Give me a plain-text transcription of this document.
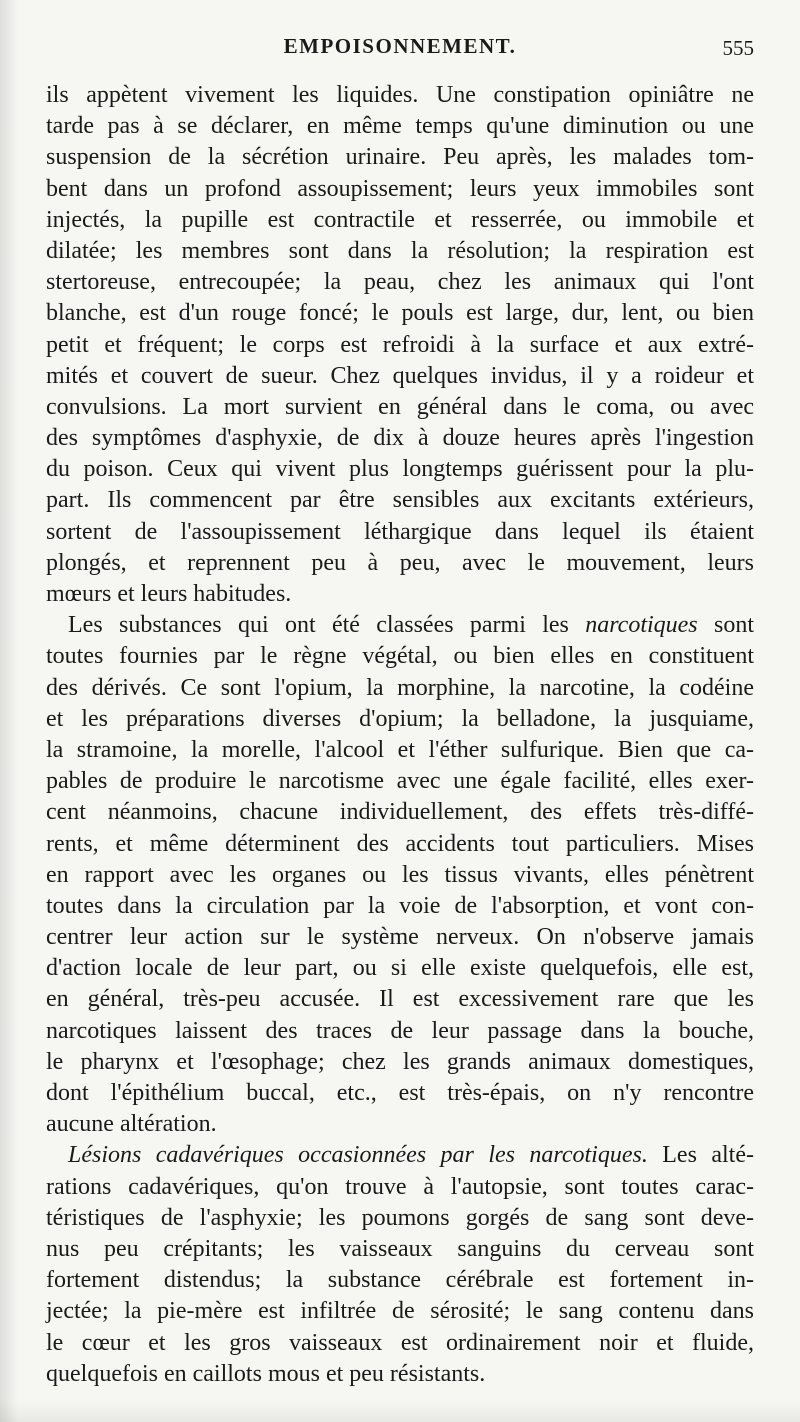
EMPOISONNEMENT.	555
ils appètent vivement les liquides. Une constipation opiniâtre ne
tarde pas à se déclarer, en même temps qu'une diminution ou une
suspension de la sécrétion urinaire. Peu après, les malades tom-
bent dans un profond assoupissement; leurs yeux immobiles sont
injectés, la pupille est contractile et resserrée, ou immobile et
dilatée; les membres sont dans la résolution; la respiration est
stertoreuse, entrecoupée; la peau, chez les animaux qui l'ont
blanche, est d'un rouge foncé; le pouls est large, dur, lent, ou bien
petit et fréquent; le corps est refroidi à la surface et aux extré-
mités et couvert de sueur. Chez quelques invidus, il y a roideur et
convulsions. La mort survient en général dans le coma, ou avec
des symptômes d'asphyxie, de dix à douze heures après l'ingestion
du poison. Ceux qui vivent plus longtemps guérissent pour la plu-
part. Ils commencent par être sensibles aux excitants extérieurs,
sortent de l'assoupissement léthargique dans lequel ils étaient
plongés, et reprennent peu à peu, avec le mouvement, leurs
mœurs et leurs habitudes.
Les substances qui ont été classées parmi les narcotiques sont
toutes fournies par le règne végétal, ou bien elles en constituent
des dérivés. Ce sont l'opium, la morphine, la narcotine, la codéine
et les préparations diverses d'opium; la belladone, la jusquiame,
la stramoine, la morelle, l'alcool et l'éther sulfurique. Bien que ca-
pables de produire le narcotisme avec une égale facilité, elles exer-
cent néanmoins, chacune individuellement, des effets très-diffé-
rents, et même déterminent des accidents tout particuliers. Mises
en rapport avec les organes ou les tissus vivants, elles pénètrent
toutes dans la circulation par la voie de l'absorption, et vont con-
centrer leur action sur le système nerveux. On n'observe jamais
d'action locale de leur part, ou si elle existe quelquefois, elle est,
en général, très-peu accusée. Il est excessivement rare que les
narcotiques laissent des traces de leur passage dans la bouche,
le pharynx et l'œsophage; chez les grands animaux domestiques,
dont l'épithélium buccal, etc., est très-épais, on n'y rencontre
aucune altération.
Lésions cadavériques occasionnées par les narcotiques. Les alté-
rations cadavériques, qu'on trouve à l'autopsie, sont toutes carac-
téristiques de l'asphyxie; les poumons gorgés de sang sont deve-
nus peu crépitants; les vaisseaux sanguins du cerveau sont
fortement distendus; la substance cérébrale est fortement in-
jectée; la pie-mère est infiltrée de sérosité; le sang contenu dans
le cœur et les gros vaisseaux est ordinairement noir et fluide,
quelquefois en caillots mous et peu résistants.
